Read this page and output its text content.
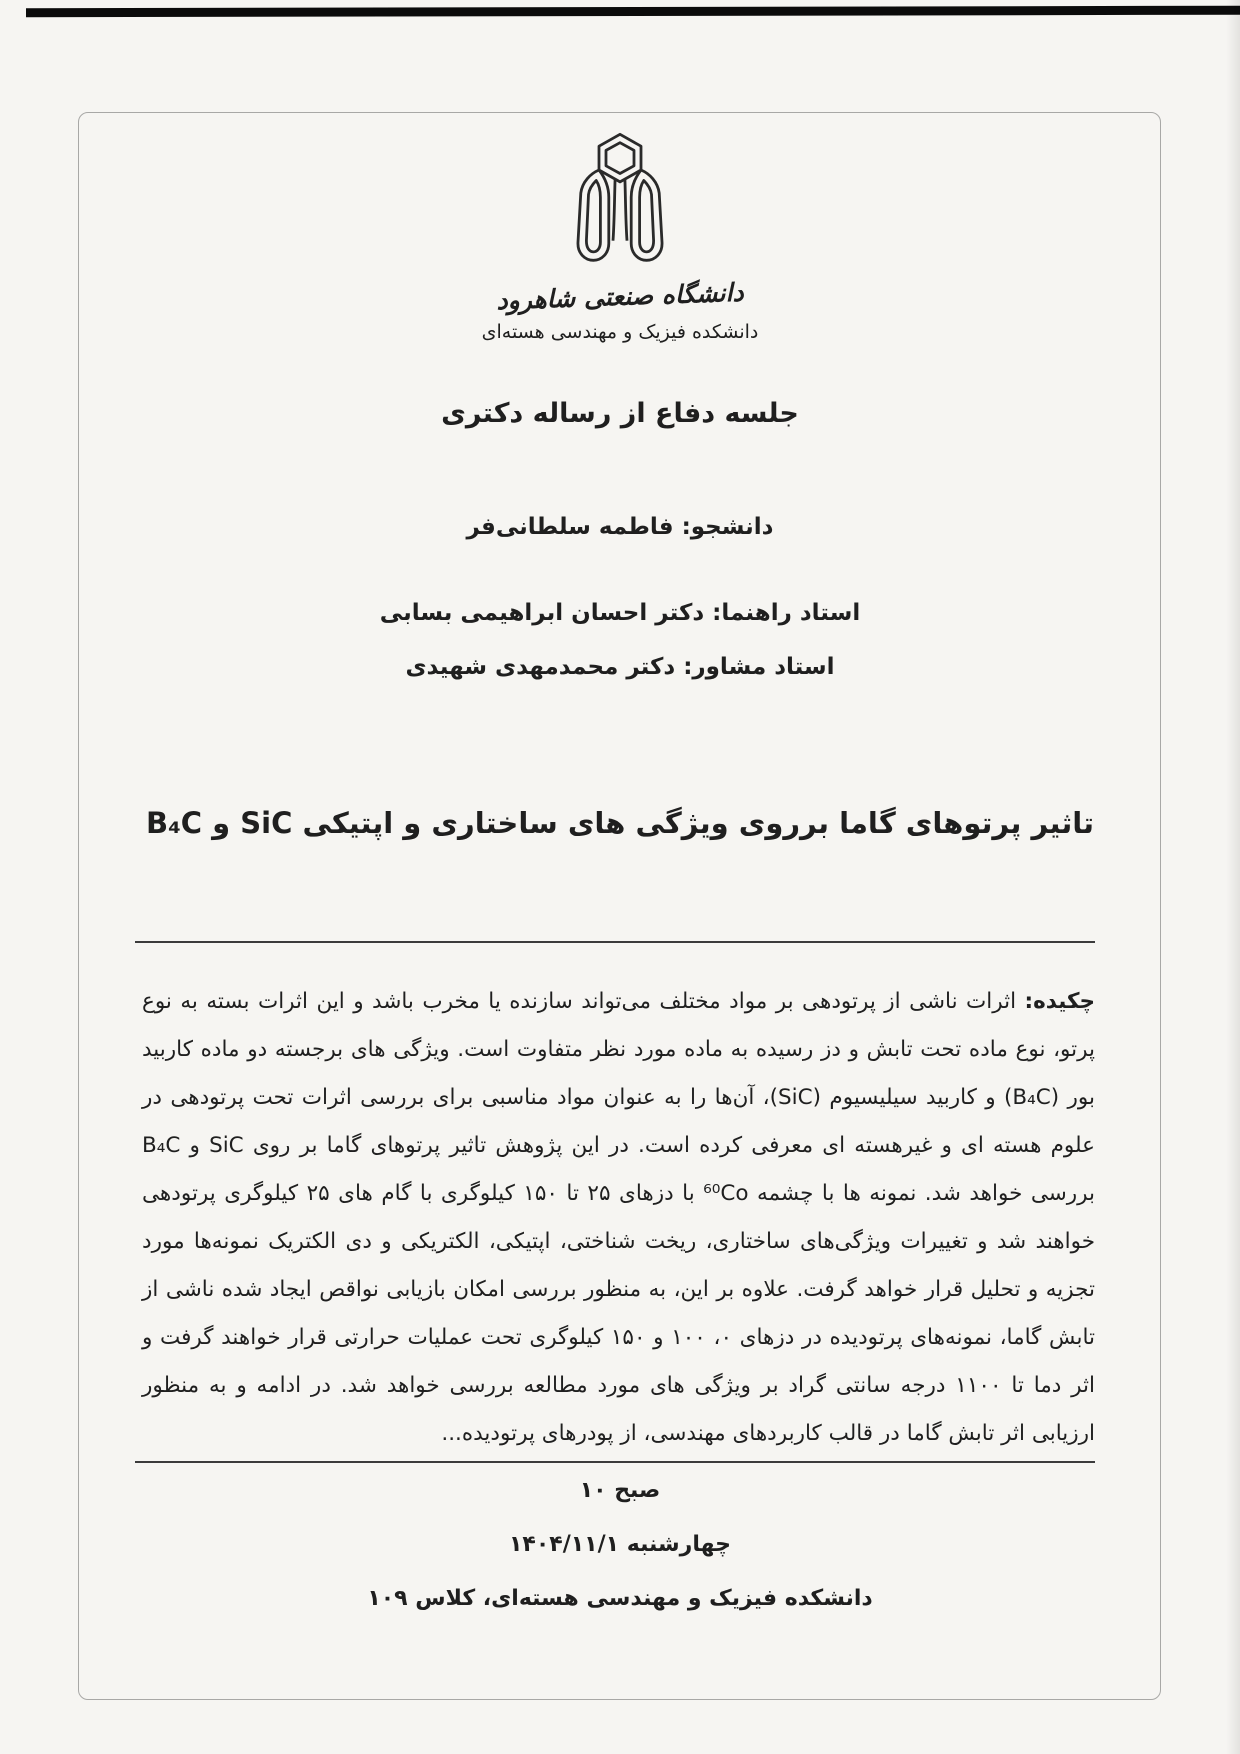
دانشگاه صنعتی شاهرود
دانشکده فیزیک و مهندسی هسته‌ای
جلسه دفاع از رساله دکتری
دانشجو: فاطمه سلطانی‌فر
استاد راهنما: دکتر احسان ابراهیمی بسابی
استاد مشاور: دکتر محمدمهدی شهیدی
تاثیر پرتوهای گاما برروی ویژگی های ساختاری و اپتیکی SiC و B₄C

چکیده: اثرات ناشی از پرتودهی بر مواد مختلف می‌تواند سازنده یا مخرب باشد و این اثرات بسته به نوع پرتو، نوع ماده تحت تابش و دز رسیده به ماده مورد نظر متفاوت است. ویژگی های برجسته دو ماده کاربید بور (B₄C) و کاربید سیلیسیوم (SiC)، آن‌ها را به عنوان مواد مناسبی برای بررسی اثرات تحت پرتودهی در علوم هسته ای و غیرهسته ای معرفی کرده است. در این پژوهش تاثیر پرتوهای گاما بر روی SiC و B₄C بررسی خواهد شد. نمونه ها با چشمه ⁶⁰Co با دزهای ۲۵ تا ۱۵۰ کیلوگری با گام های ۲۵ کیلوگری پرتودهی خواهند شد و تغییرات ویژگی‌های ساختاری، ریخت شناختی، اپتیکی، الکتریکی و دی الکتریک نمونه‌ها مورد تجزیه و تحلیل قرار خواهد گرفت. علاوه بر این، به منظور بررسی امکان بازیابی نواقص ایجاد شده ناشی از تابش گاما، نمونه‌های پرتودیده در دزهای ۰، ۱۰۰ و ۱۵۰ کیلوگری تحت عملیات حرارتی قرار خواهند گرفت و اثر دما تا ۱۱۰۰ درجه سانتی گراد بر ویژگی های مورد مطالعه بررسی خواهد شد. در ادامه و به منظور ارزیابی اثر تابش گاما در قالب کاربردهای مهندسی، از پودرهای پرتودیده...

۱۰ صبح
چهارشنبه ۱۴۰۴/۱۱/۱
دانشکده فیزیک و مهندسی هسته‌ای، کلاس ۱۰۹
